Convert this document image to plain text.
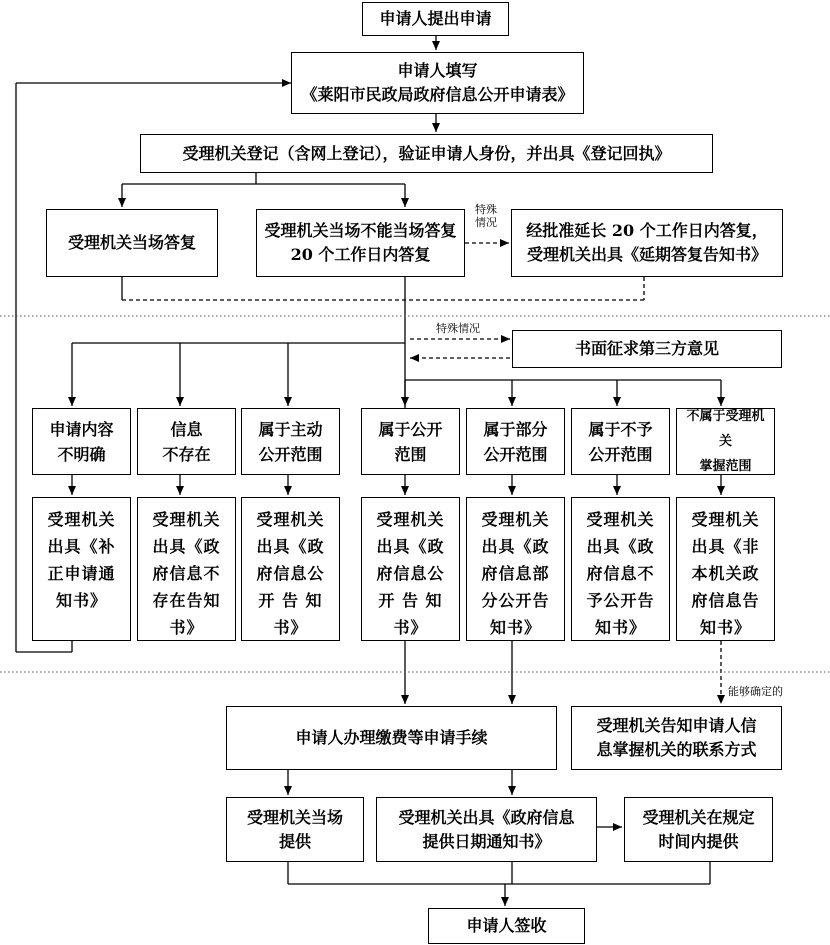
申请人提出申请
申请人填写
《莱阳市民政局政府信息公开申请表》
受理机关登记（含网上登记），验证申请人身份，并出具《登记回执》
受理机关当场答复
受理机关当场不能当场答复
20 个工作日内答复
经批准延长 20 个工作日内答复，
受理机关出具《延期答复告知书》
特殊
情况
书面征求第三方意见
特殊情况
申请内容
不明确
信息
不存在
属于主动
公开范围
属于公开
范围
属于部分
公开范围
属于不予
公开范围
不属于受理机关
掌握范围
受理机关
出具《补
正申请通
知书》
受理机关
出具《政
府信息不
存在告知
书》
受理机关
出具《政
府信息公
开 告 知
书》
受理机关
出具《政
府信息公
开 告 知
书》
受理机关
出具《政
府信息部
分公开告
知书》
受理机关
出具《政
府信息不
予公开告
知书》
受理机关
出具《非
本机关政
府信息告
知书》
能够确定的
受理机关告知申请人信
息掌握机关的联系方式
申请人办理缴费等申请手续
受理机关当场
提供
受理机关出具《政府信息
提供日期通知书》
受理机关在规定
时间内提供
申请人签收
